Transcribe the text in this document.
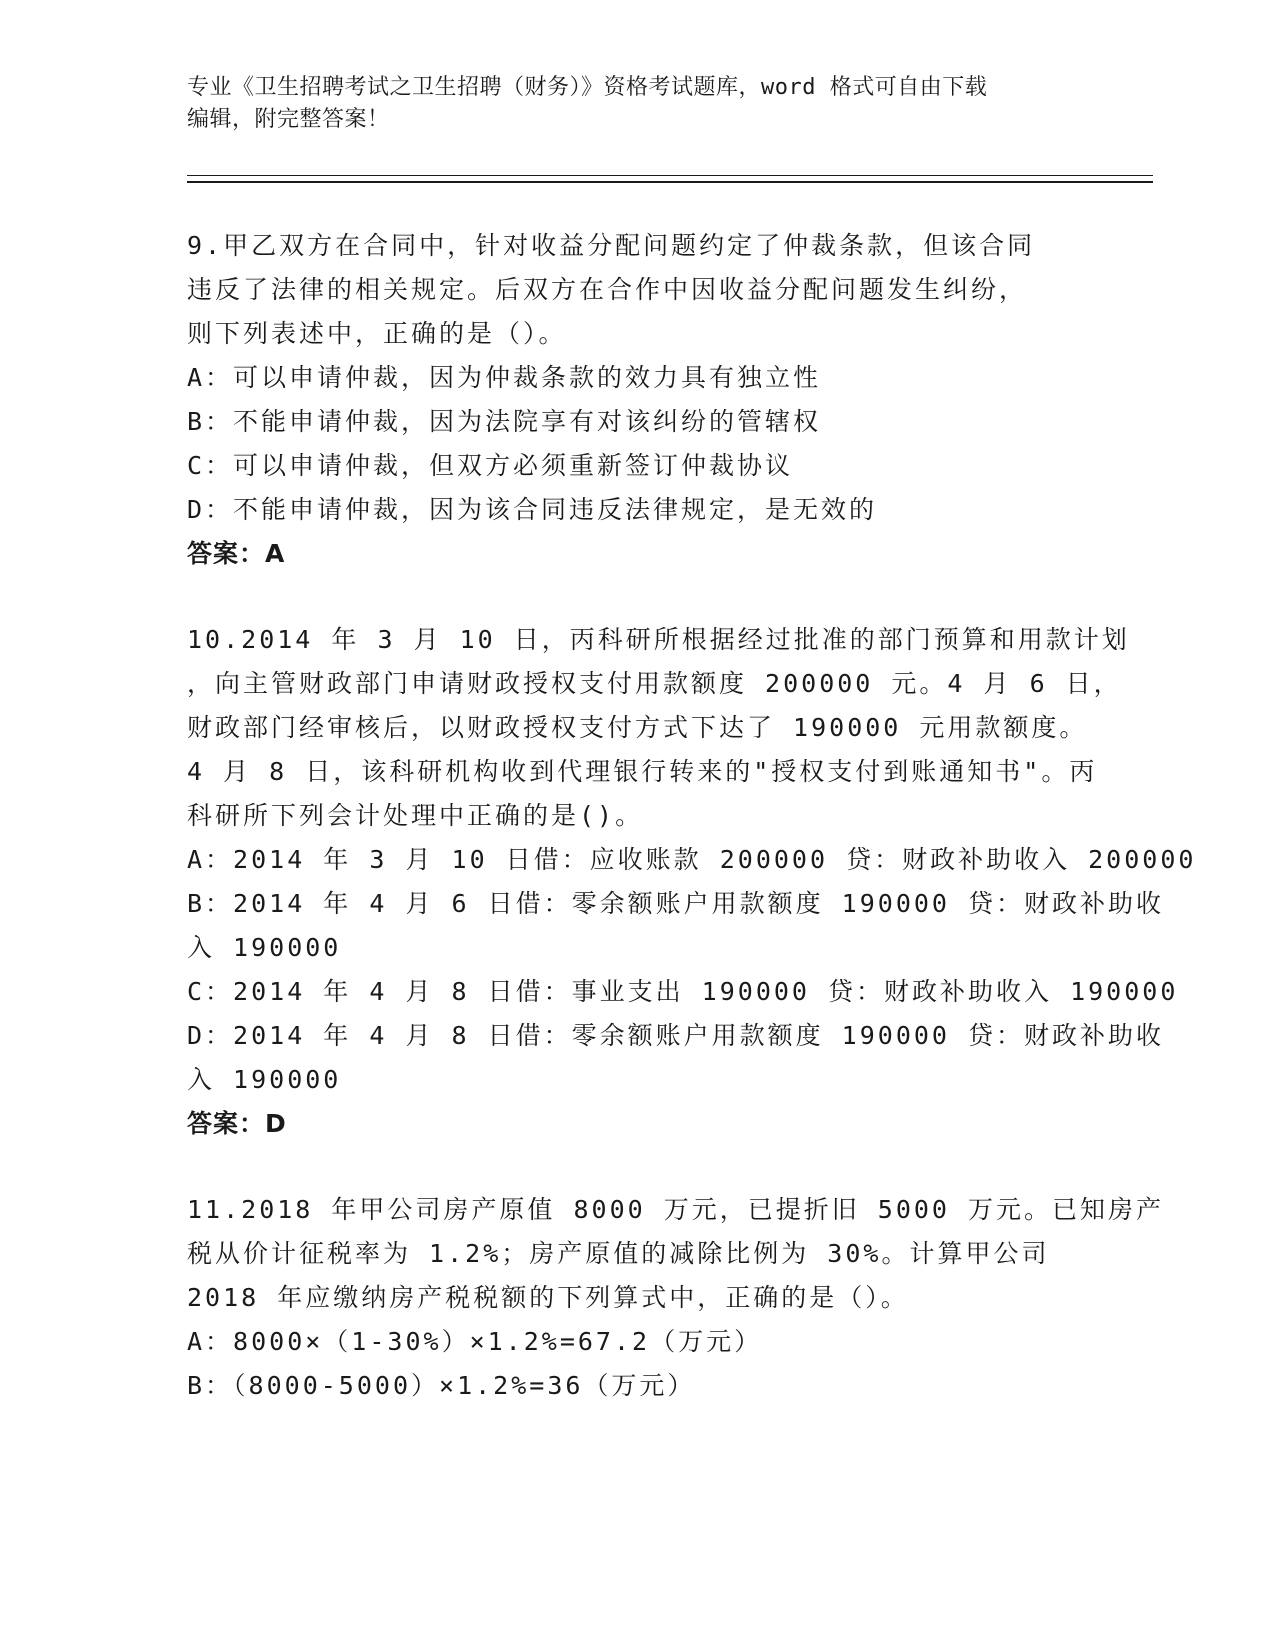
专业《卫生招聘考试之卫生招聘（财务）》资格考试题库，word 格式可自由下载
编辑，附完整答案！
9.甲乙双方在合同中，针对收益分配问题约定了仲裁条款，但该合同
违反了法律的相关规定。后双方在合作中因收益分配问题发生纠纷，
则下列表述中，正确的是（）。
A：可以申请仲裁，因为仲裁条款的效力具有独立性
B：不能申请仲裁，因为法院享有对该纠纷的管辖权
C：可以申请仲裁，但双方必须重新签订仲裁协议
D：不能申请仲裁，因为该合同违反法律规定，是无效的
答案：A
10.2014 年 3 月 10 日，丙科研所根据经过批准的部门预算和用款计划
，向主管财政部门申请财政授权支付用款额度 200000 元。4 月 6 日，
财政部门经审核后，以财政授权支付方式下达了 190000 元用款额度。
4 月 8 日，该科研机构收到代理银行转来的"授权支付到账通知书"。丙
科研所下列会计处理中正确的是()。
A：2014 年 3 月 10 日借：应收账款 200000 贷：财政补助收入 200000
B：2014 年 4 月 6 日借：零余额账户用款额度 190000 贷：财政补助收
入 190000
C：2014 年 4 月 8 日借：事业支出 190000 贷：财政补助收入 190000
D：2014 年 4 月 8 日借：零余额账户用款额度 190000 贷：财政补助收
入 190000
答案：D
11.2018 年甲公司房产原值 8000 万元，已提折旧 5000 万元。已知房产
税从价计征税率为 1.2%；房产原值的减除比例为 30%。计算甲公司
2018 年应缴纳房产税税额的下列算式中，正确的是（）。
A：8000×（1-30%）×1.2%=67.2（万元）
B：（8000-5000）×1.2%=36（万元）
